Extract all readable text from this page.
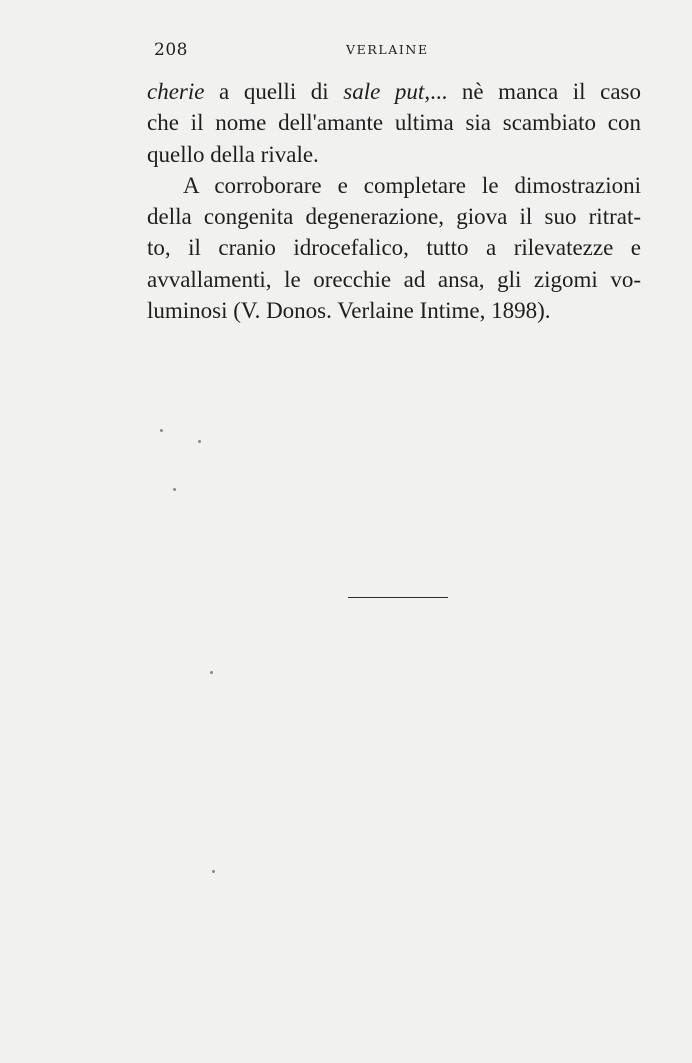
208	VERLAINE
cherie a quelli di sale put,... nè manca il caso
che il nome dell'amante ultima sia scambiato con
quello della rivale.
A corroborare e completare le dimostrazioni
della congenita degenerazione, giova il suo ritrat-
to, il cranio idrocefalico, tutto a rilevatezze e
avvallamenti, le orecchie ad ansa, gli zigomi vo-
luminosi (V. Donos. Verlaine Intime, 1898).
